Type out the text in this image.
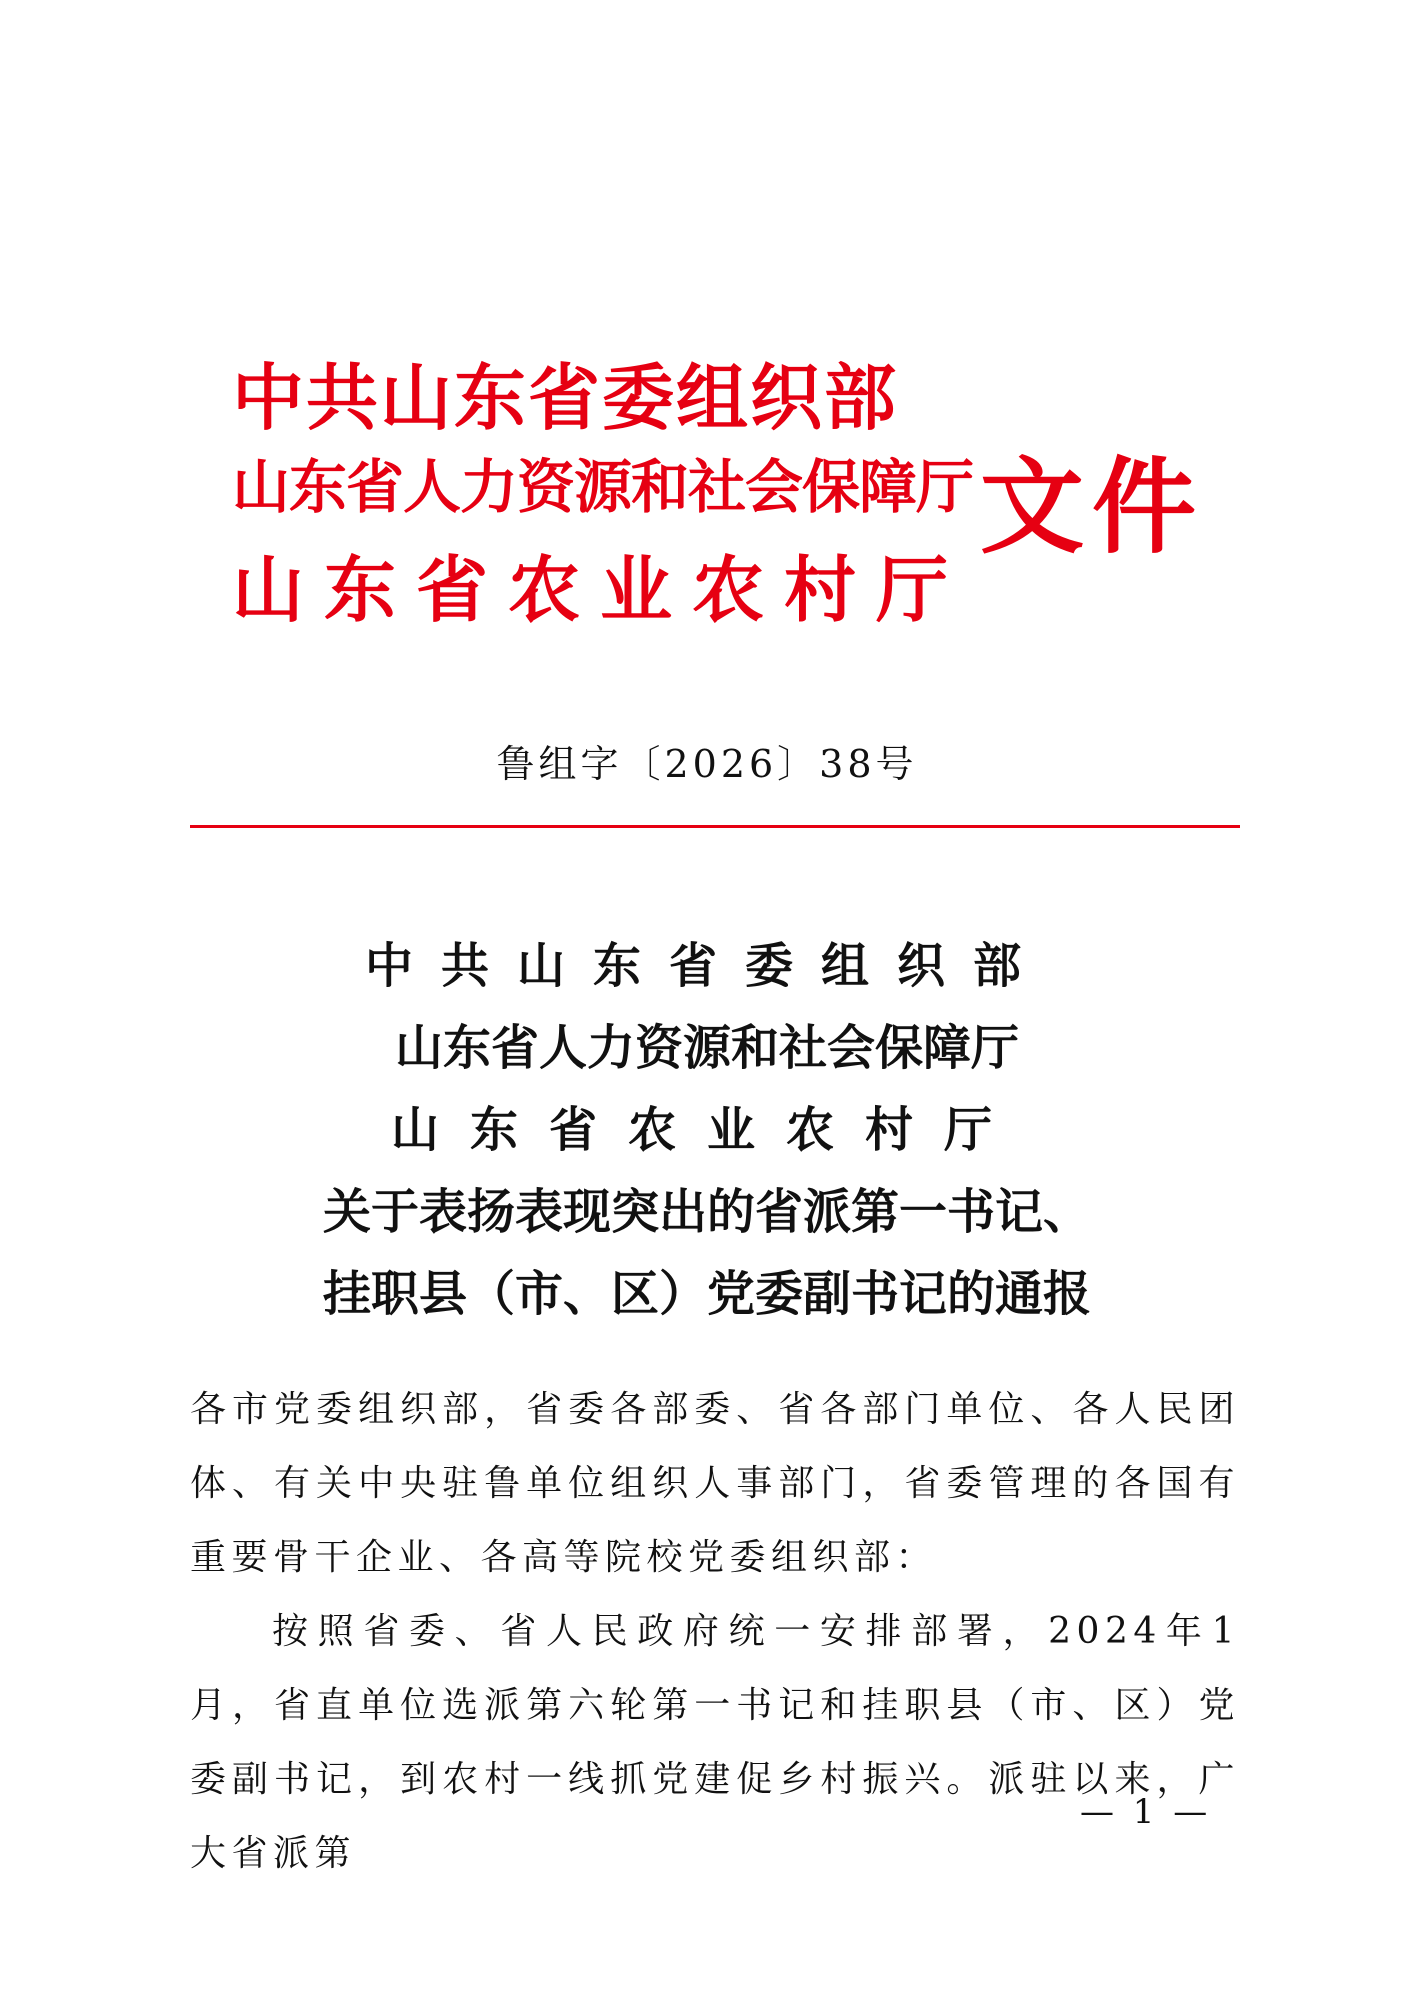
中共山东省委组织部
山东省人力资源和社会保障厅
山东省农业农村厅
文件
鲁组字〔2026〕38号
中共山东省委组织部
山东省人力资源和社会保障厅
山东省农业农村厅
关于表扬表现突出的省派第一书记、
挂职县（市、区）党委副书记的通报

各市党委组织部，省委各部委、省各部门单位、各人民团体、有关中央驻鲁单位组织人事部门，省委管理的各国有重要骨干企业、各高等院校党委组织部：

按照省委、省人民政府统一安排部署，2024年1月，省直单位选派第六轮第一书记和挂职县（市、区）党委副书记，到农村一线抓党建促乡村振兴。派驻以来，广大省派第

— 1 —
